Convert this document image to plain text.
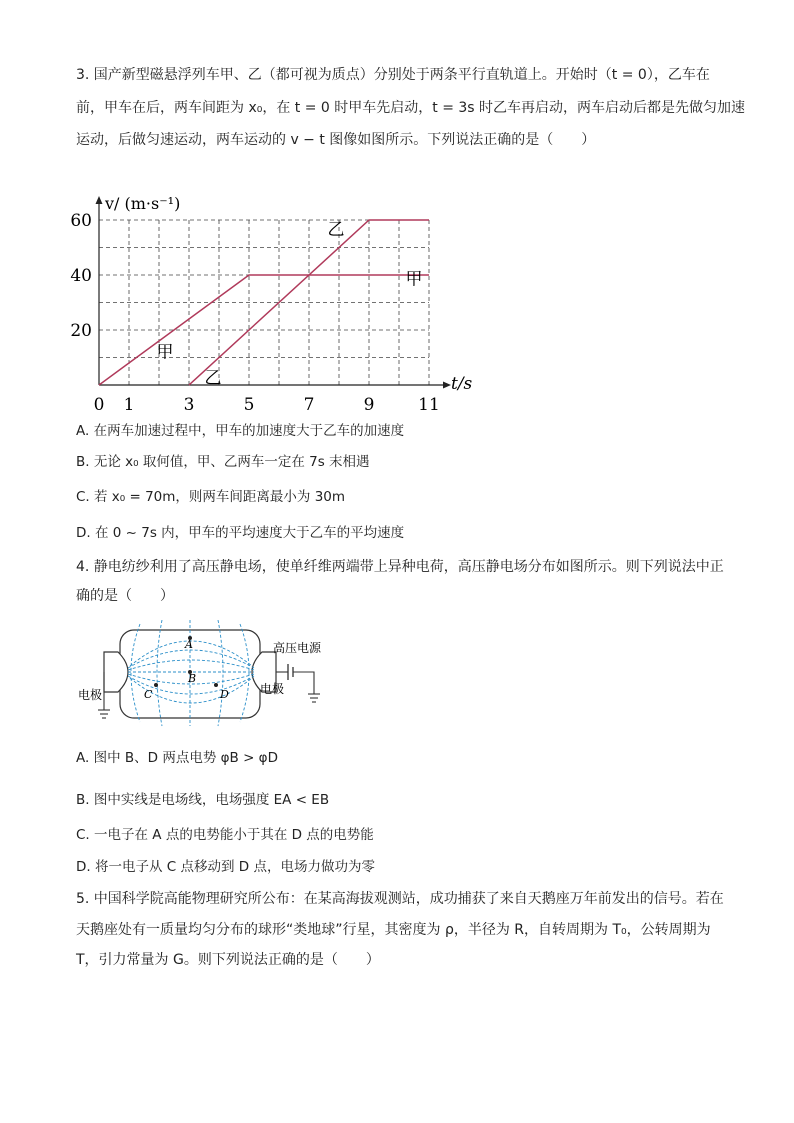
3. 国产新型磁悬浮列车甲、乙（都可视为质点）分别处于两条平行直轨道上。开始时（t = 0），乙车在
前，甲车在后，两车间距为 x₀，在 t = 0 时甲车先启动，t = 3s 时乙车再启动，两车启动后都是先做匀加速
运动，后做匀速运动，两车运动的 v − t 图像如图所示。下列说法正确的是（　　）
0 1	3	5	7	9	11
20
40
60
v/ (m·s⁻¹)
t/s
甲
乙
甲
乙
A. 在两车加速过程中，甲车的加速度大于乙车的加速度
B. 无论 x₀ 取何值，甲、乙两车一定在 7s 末相遇
C. 若 x₀ = 70m，则两车间距离最小为 30m
D. 在 0 ~ 7s 内，甲车的平均速度大于乙车的平均速度
4. 静电纺纱利用了高压静电场，使单纤维两端带上异种电荷，高压静电场分布如图所示。则下列说法中正
确的是（　　）
A
B
C	D
高压电源
电极	电极
A. 图中 B、D 两点电势 φB > φD
B. 图中实线是电场线，电场强度 EA < EB
C. 一电子在 A 点的电势能小于其在 D 点的电势能
D. 将一电子从 C 点移动到 D 点，电场力做功为零
5. 中国科学院高能物理研究所公布：在某高海拔观测站，成功捕获了来自天鹅座万年前发出的信号。若在
天鹅座处有一质量均匀分布的球形“类地球”行星，其密度为 ρ，半径为 R，自转周期为 T₀，公转周期为
T，引力常量为 G。则下列说法正确的是（　　）
